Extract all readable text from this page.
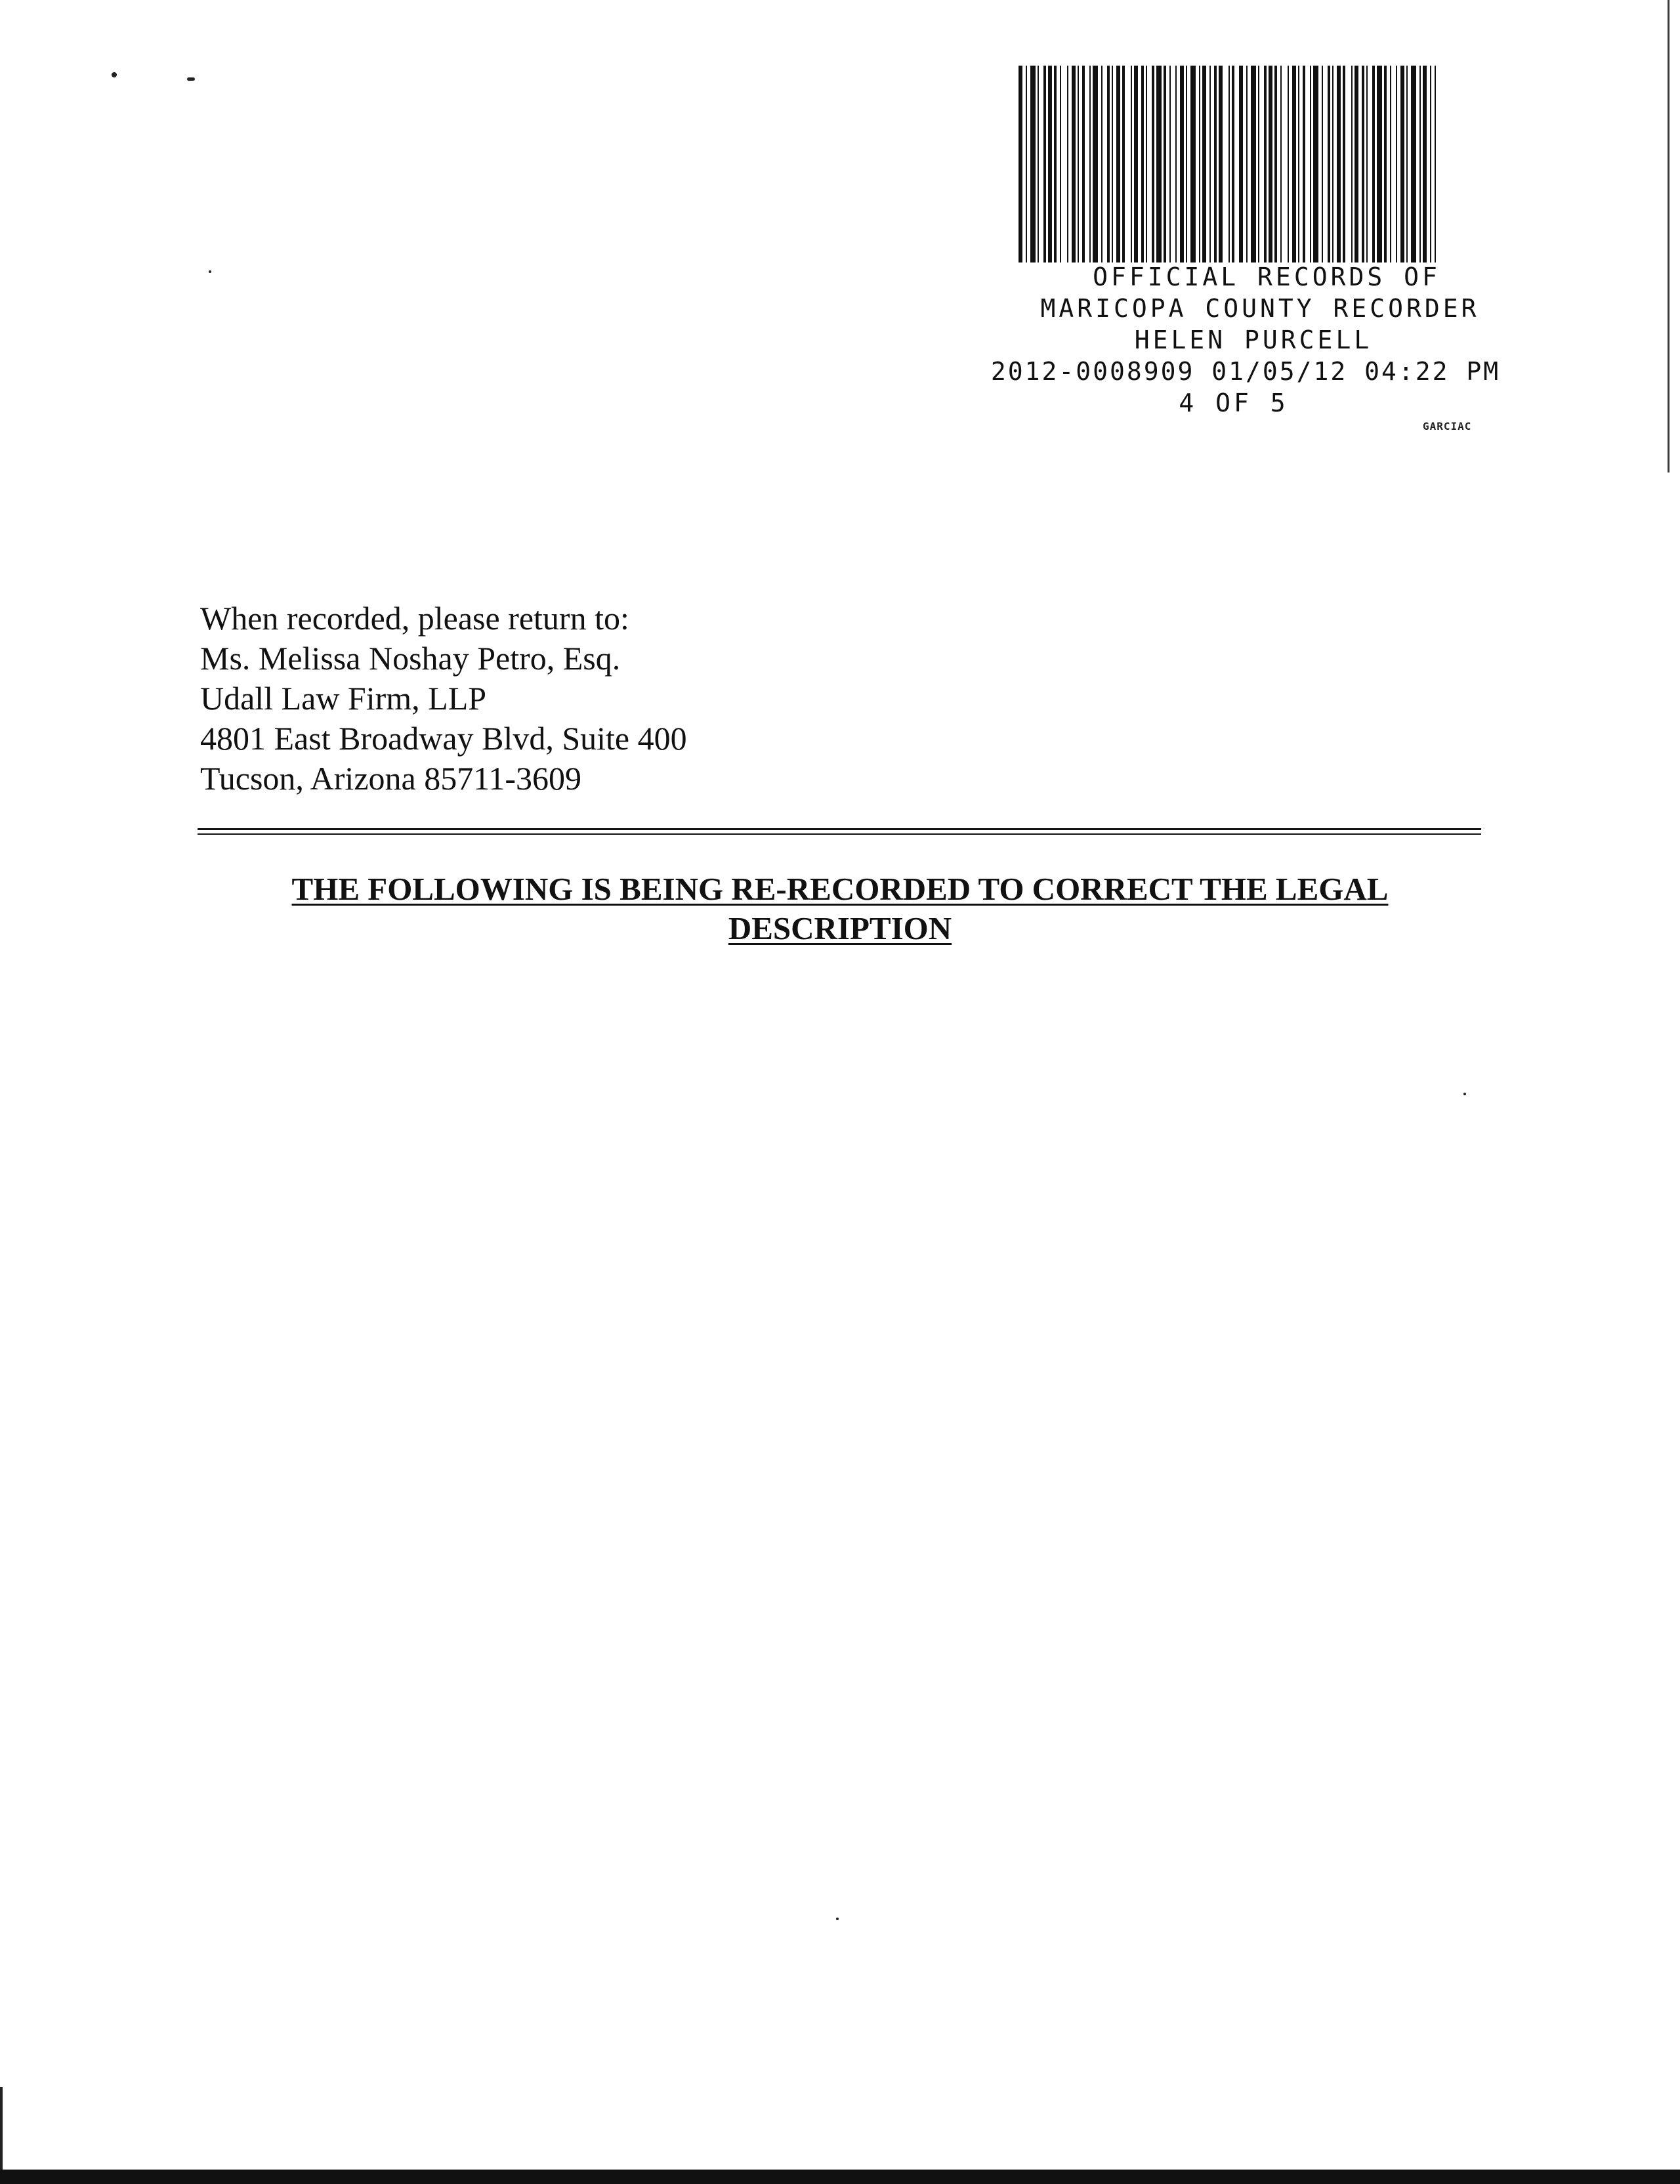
OFFICIAL RECORDS OF
MARICOPA COUNTY RECORDER
HELEN PURCELL
2012-0008909 01/05/12 04:22 PM
4 OF 5
GARCIAC
When recorded, please return to:
Ms. Melissa Noshay Petro, Esq.
Udall Law Firm, LLP
4801 East Broadway Blvd, Suite 400
Tucson, Arizona 85711-3609
THE FOLLOWING IS BEING RE-RECORDED TO CORRECT THE LEGAL
DESCRIPTION
